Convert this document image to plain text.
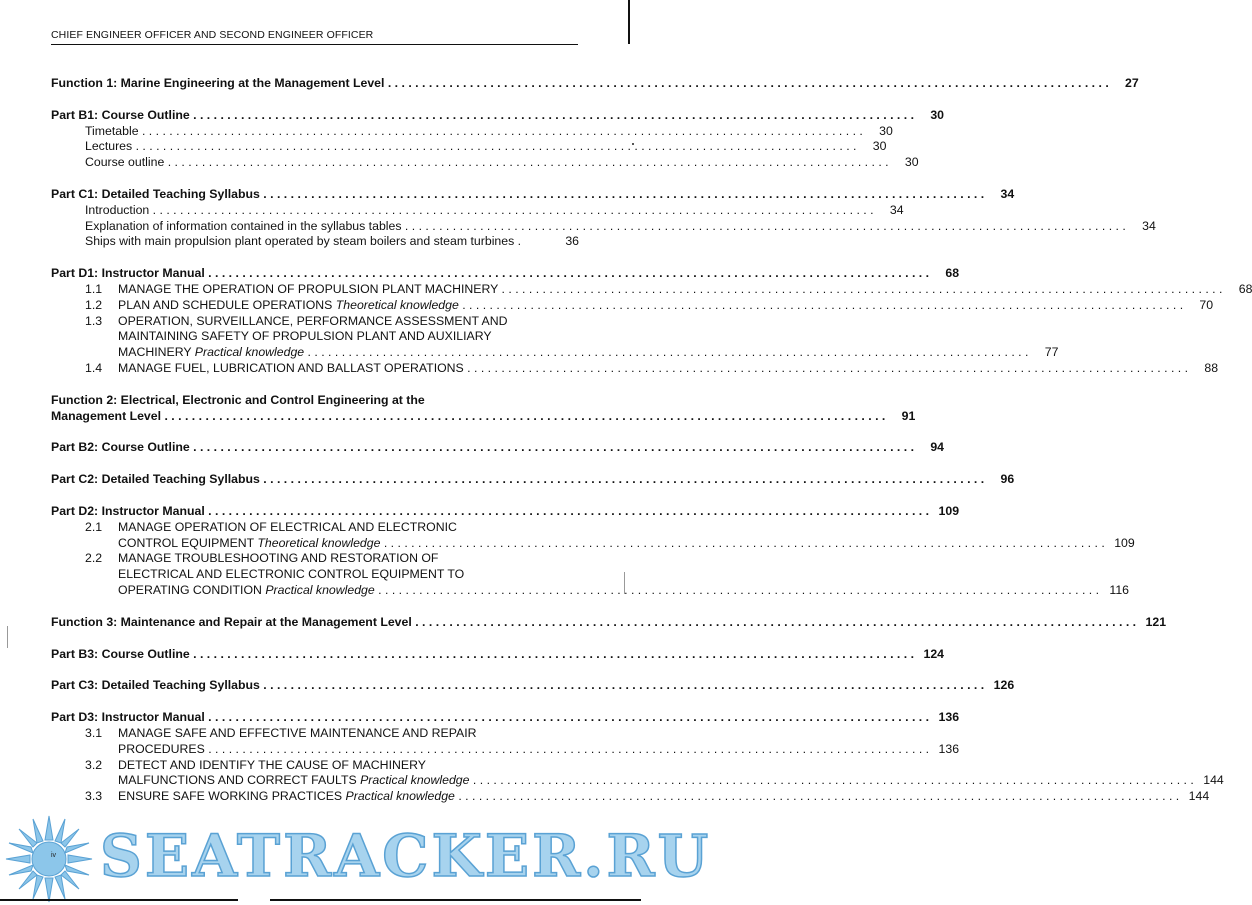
CHIEF ENGINEER OFFICER AND SECOND ENGINEER OFFICER
Function 1: Marine Engineering at the Management Level . . .	27
Part B1: Course Outline . . .	30
Timetable . . .	30
Lectures . . .	30
Course outline . . .	30
Part C1: Detailed Teaching Syllabus . . .	34
Introduction . . .	34
Explanation of information contained in the syllabus tables . . .	34
Ships with main propulsion plant operated by steam boilers and steam turbines .	36
Part D1: Instructor Manual . . .	68
1.1	MANAGE THE OPERATION OF PROPULSION PLANT MACHINERY . . .	68
1.2	PLAN AND SCHEDULE OPERATIONS Theoretical knowledge . . .	70
1.3	OPERATION, SURVEILLANCE, PERFORMANCE ASSESSMENT AND
MAINTAINING SAFETY OF PROPULSION PLANT AND AUXILIARY
MACHINERY Practical knowledge . . .	77
1.4	MANAGE FUEL, LUBRICATION AND BALLAST OPERATIONS . . .	88
Function 2: Electrical, Electronic and Control Engineering at the
Management Level . . .	91
Part B2: Course Outline . . .	94
Part C2: Detailed Teaching Syllabus . . .	96
Part D2: Instructor Manual . . .	109
2.1	MANAGE OPERATION OF ELECTRICAL AND ELECTRONIC
CONTROL EQUIPMENT Theoretical knowledge . . .	109
2.2	MANAGE TROUBLESHOOTING AND RESTORATION OF
ELECTRICAL AND ELECTRONIC CONTROL EQUIPMENT TO
OPERATING CONDITION Practical knowledge . . .	116
Function 3: Maintenance and Repair at the Management Level . . .	121
Part B3: Course Outline . . .	124
Part C3: Detailed Teaching Syllabus . . .	126
Part D3: Instructor Manual . . .	136
3.1	MANAGE SAFE AND EFFECTIVE MAINTENANCE AND REPAIR
PROCEDURES . . .	136
3.2	DETECT AND IDENTIFY THE CAUSE OF MACHINERY
MALFUNCTIONS AND CORRECT FAULTS Practical knowledge . . .	144
3.3	ENSURE SAFE WORKING PRACTICES Practical knowledge . . .	144
iv SEATRACKER.RU
